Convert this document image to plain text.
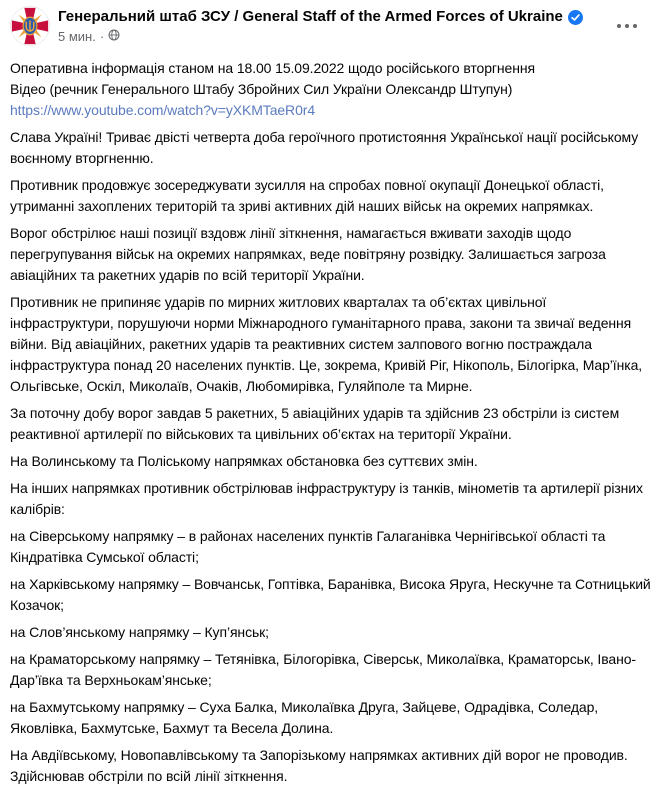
Генеральний штаб ЗСУ / General Staff of the Armed Forces of Ukraine
5 мин. ·

Оперативна інформація станом на 18.00 15.09.2022 щодо російського вторгнення
Відео (речник Генерального Штабу Збройних Сил України Олександр Штупун)
https://www.youtube.com/watch?v=yXKMTaeR0r4

Слава Україні! Триває двісті четверта доба героїчного протистояння Української нації російському воєнному вторгненню.

Противник продовжує зосереджувати зусилля на спробах повної окупації Донецької області, утриманні захоплених територій та зриві активних дій наших військ на окремих напрямках.

Ворог обстрілює наші позиції вздовж лінії зіткнення, намагається вживати заходів щодо перегрупування військ на окремих напрямках, веде повітряну розвідку. Залишається загроза авіаційних та ракетних ударів по всій території України.

Противник не припиняє ударів по мирних житлових кварталах та об’єктах цивільної інфраструктури, порушуючи норми Міжнародного гуманітарного права, закони та звичаї ведення війни. Від авіаційних, ракетних ударів та реактивних систем залпового вогню постраждала інфраструктура понад 20 населених пунктів. Це, зокрема, Кривій Ріг, Нікополь, Білогірка, Мар’їнка, Ольгівське, Оскіл, Миколаїв, Очаків, Любомирівка, Гуляйполе та Мирне.

За поточну добу ворог завдав 5 ракетних, 5 авіаційних ударів та здійснив 23 обстріли із систем реактивної артилерії по військових та цивільних об’єктах на території України.

На Волинському та Поліському напрямках обстановка без суттєвих змін.

На інших напрямках противник обстрілював інфраструктуру із танків, мінометів та артилерії різних калібрів:

на Сіверському напрямку – в районах населених пунктів Галаганівка Чернігівської області та Кіндратівка Сумської області;

на Харківському напрямку – Вовчанськ, Гоптівка, Баранівка, Висока Яруга, Нескучне та Сотницький Козачок;

на Слов’янському напрямку – Куп’янськ;

на Краматорському напрямку – Тетянівка, Білогорівка, Сіверськ, Миколаївка, Краматорськ, Івано-Дар’ївка та Верхньокам’янське;

на Бахмутському напрямку – Суха Балка, Миколаївка Друга, Зайцеве, Одрадівка, Соледар, Яковлівка, Бахмутське, Бахмут та Весела Долина.

На Авдіївському, Новопавлівському та Запорізькому напрямках активних дій ворог не проводив. Здійснював обстріли по всій лінії зіткнення.
